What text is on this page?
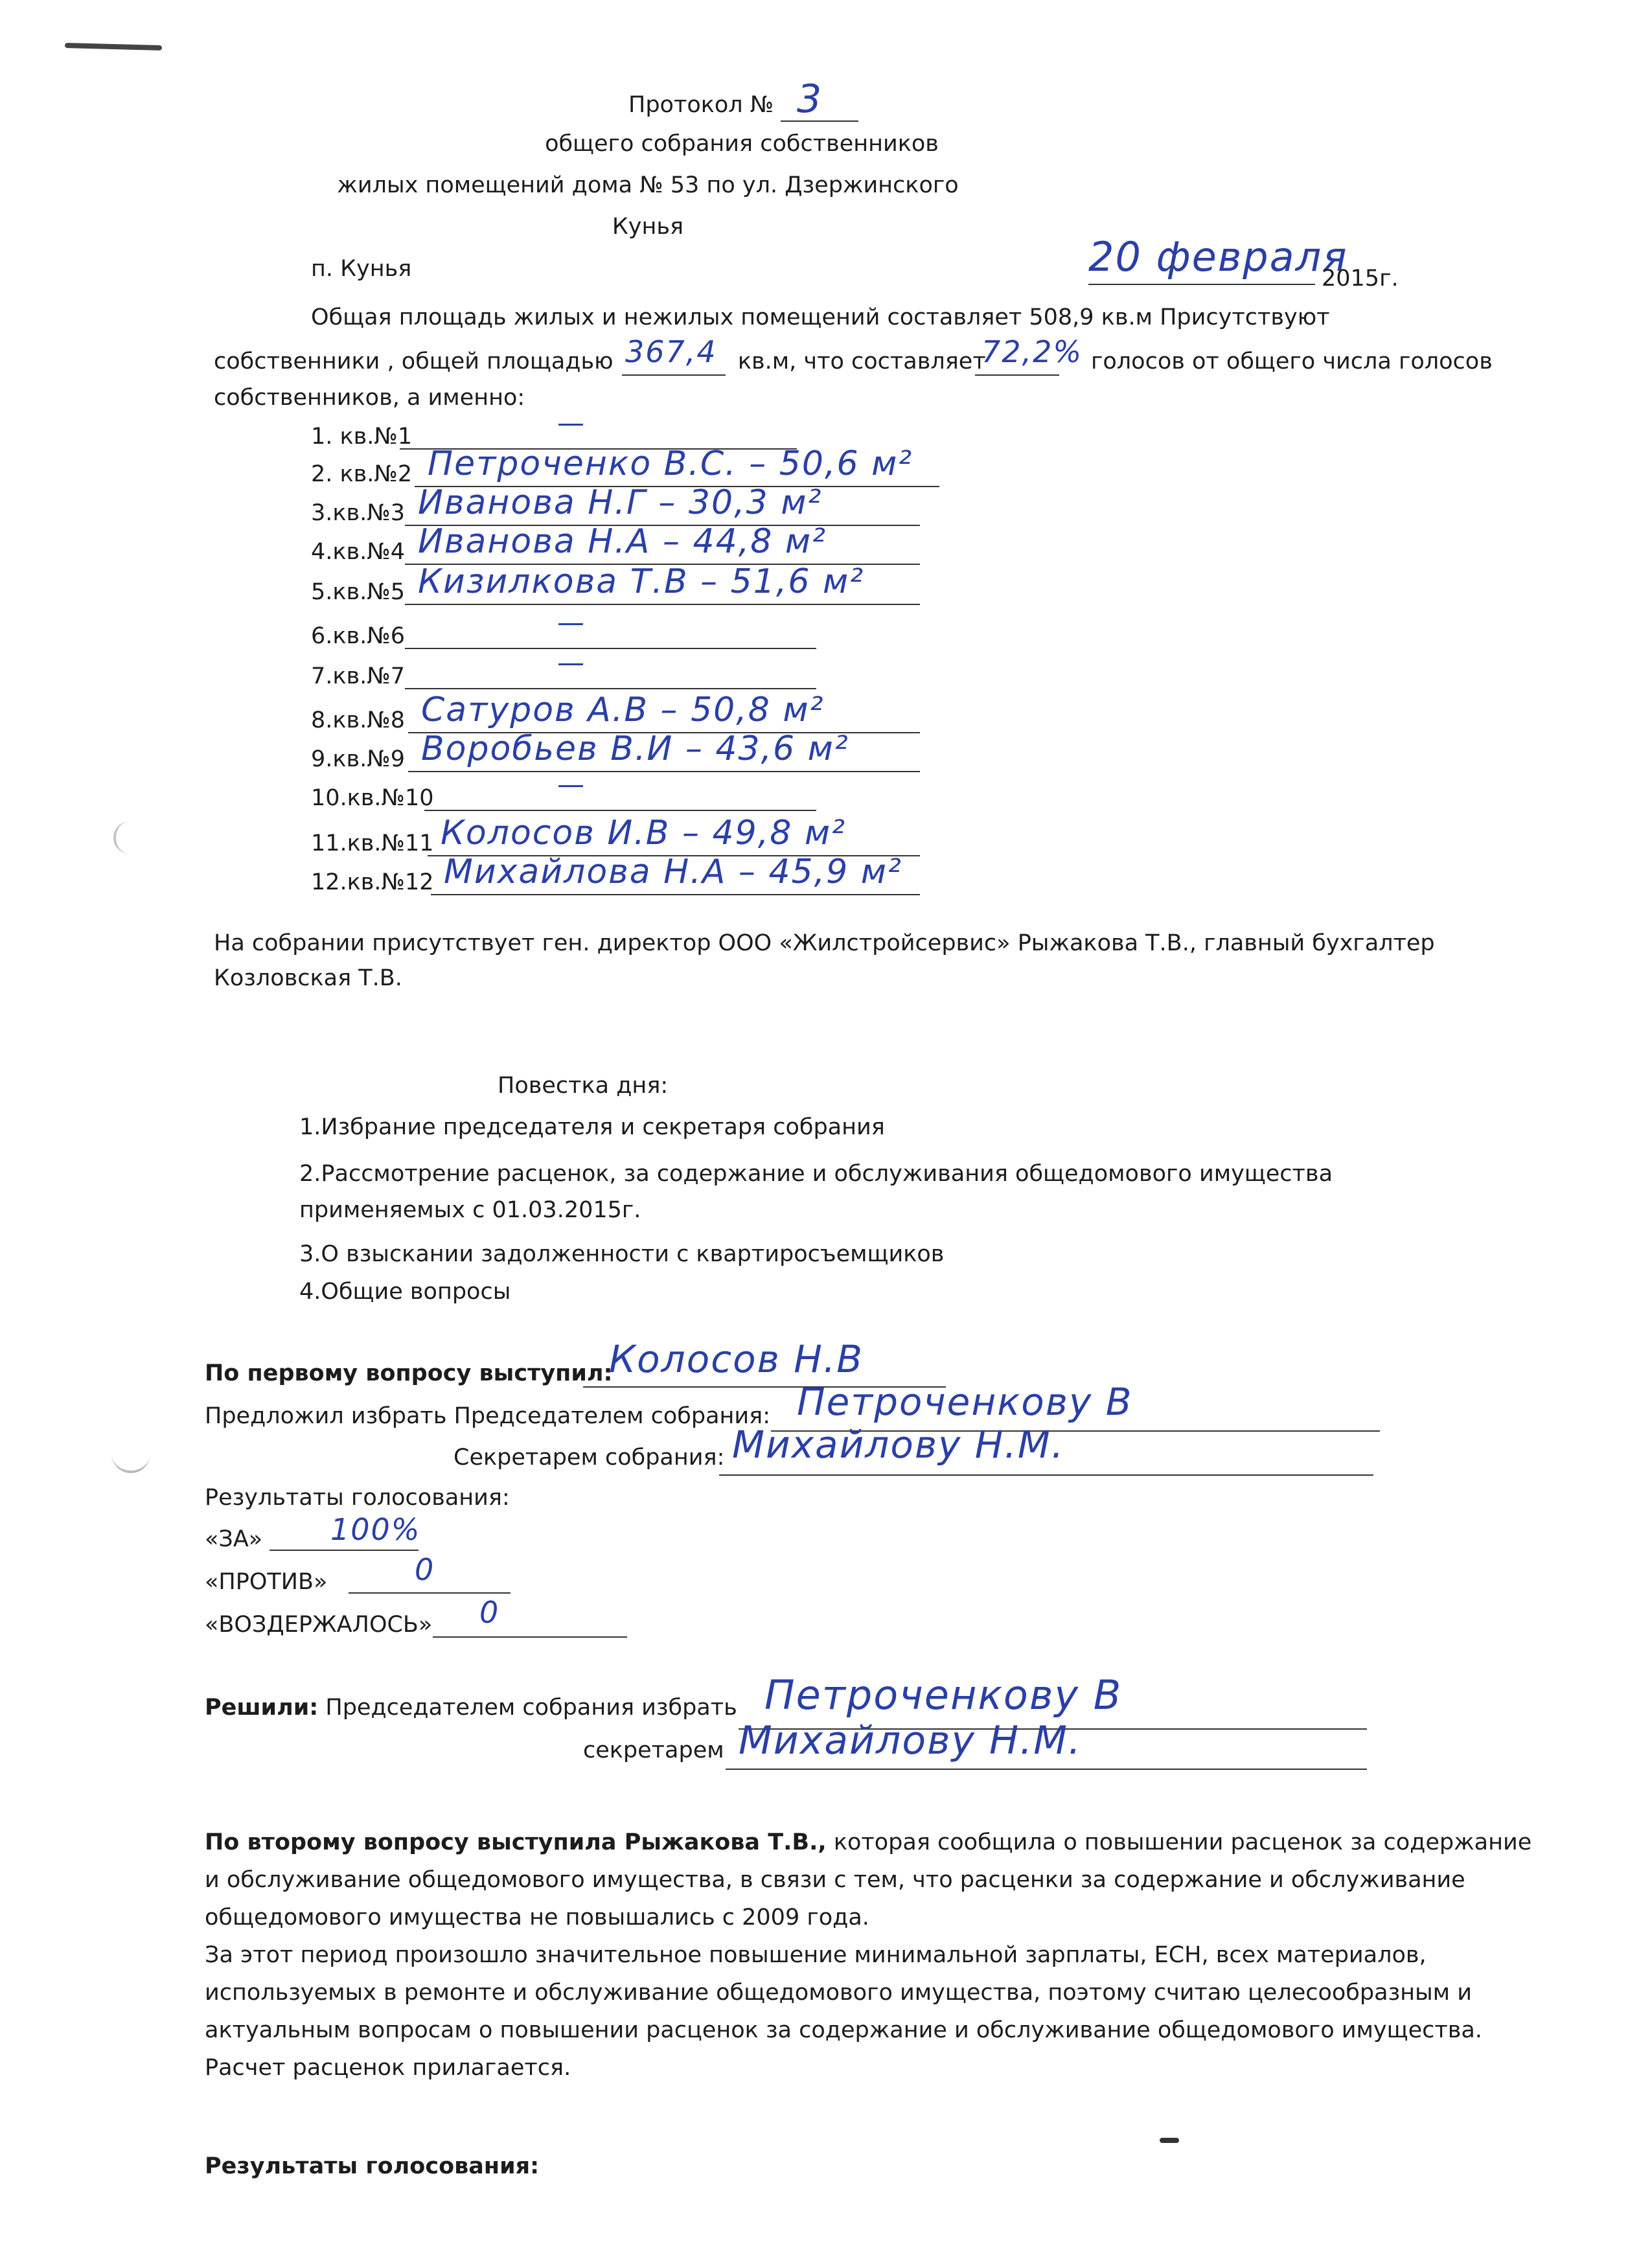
Протокол № 3
общего собрания собственников
жилых помещений дома № 53 по ул. Дзержинского
Кунья
п. Кунья	20 февраля
2015г.
Общая площадь жилых и нежилых помещений составляет 508,9 кв.м Присутствуют
собственники , общей площадью	кв.м, что составляет	голосов от общего числа голосов
367,4	72,2%
собственников, а именно:
1. кв.№1	—
2. кв.№2 Петроченко В.С. – 50,6 м²
3.кв.№3 Иванова Н.Г – 30,3 м²
4.кв.№4 Иванова Н.А – 44,8 м²
5.кв.№5 Кизилкова Т.В – 51,6 м²
6.кв.№6	—
7.кв.№7	—
8.кв.№8 Сатуров А.В – 50,8 м²
9.кв.№9 Воробьев В.И – 43,6 м²
10.кв.№10	—
11.кв.№11 Колосов И.В – 49,8 м²
12.кв.№12 Михайлова Н.А – 45,9 м²
На собрании присутствует ген. директор ООО «Жилстройсервис» Рыжакова Т.В., главный бухгалтер
Козловская Т.В.
Повестка дня:
1.Избрание председателя и секретаря собрания
2.Рассмотрение расценок, за содержание и обслуживания общедомового имущества
применяемых с 01.03.2015г.
3.О взыскании задолженности с квартиросъемщиков
4.Общие вопросы
По первому вопросу выступил:
Колосов Н.В
Предложил избрать Председателем собрания: Петроченкову В
Секретарем собрания: Михайлову Н.М.
Результаты голосования:
«ЗА» 100%
«ПРОТИВ»	0
«ВОЗДЕРЖАЛОСЬ» 0
Решили: Председателем собрания избрать Петроченкову В
секретарем Михайлову Н.М.
По второму вопросу выступила Рыжакова Т.В., которая сообщила о повышении расценок за содержание
и обслуживание общедомового имущества, в связи с тем, что расценки за содержание и обслуживание
общедомового имущества не повышались с 2009 года.
За этот период произошло значительное повышение минимальной зарплаты, ЕСН, всех материалов,
используемых в ремонте и обслуживание общедомового имущества, поэтому считаю целесообразным и
актуальным вопросам о повышении расценок за содержание и обслуживание общедомового имущества.
Расчет расценок прилагается.
Результаты голосования:
